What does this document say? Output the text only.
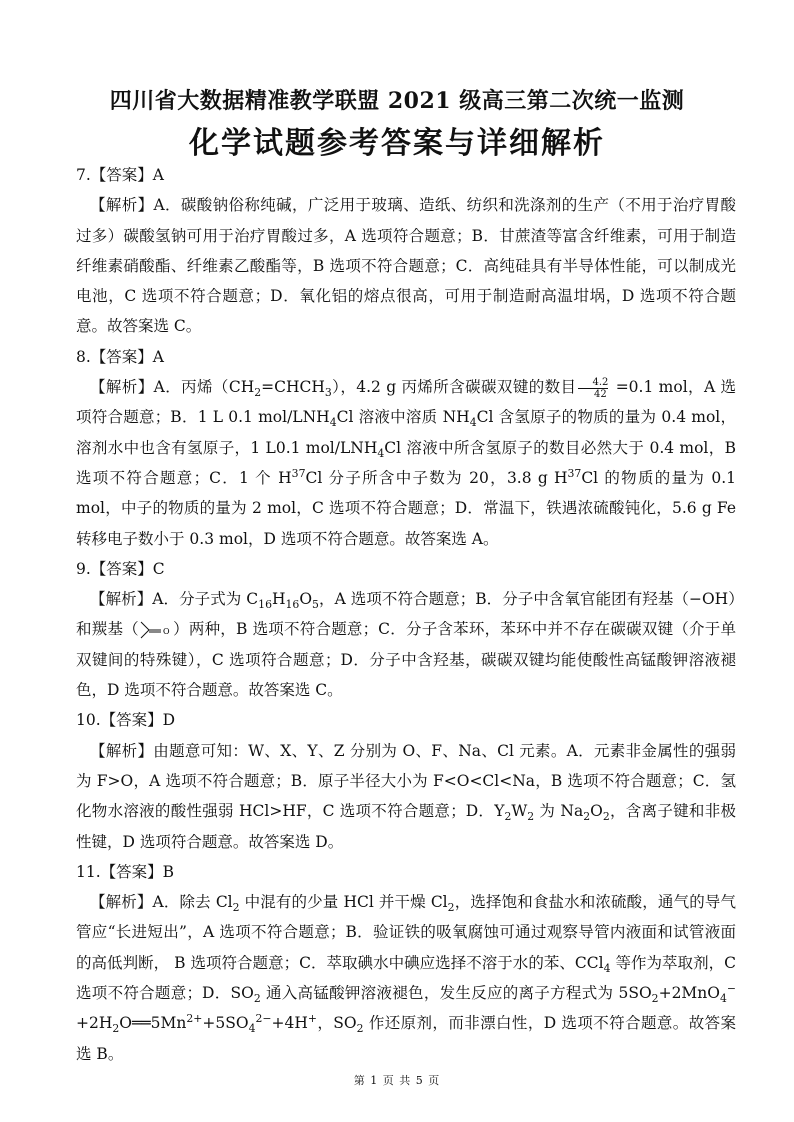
四川省大数据精准教学联盟 2021 级高三第二次统一监测
化学试题参考答案与详细解析

7.【答案】A

【解析】A．碳酸钠俗称纯碱，广泛用于玻璃、造纸、纺织和洗涤剂的生产（不用于治疗胃酸过多）碳酸氢钠可用于治疗胃酸过多，A 选项符合题意；B．甘蔗渣等富含纤维素，可用于制造纤维素硝酸酯、纤维素乙酸酯等，B 选项不符合题意；C．高纯硅具有半导体性能，可以制成光电池，C 选项不符合题意；D．氧化铝的熔点很高，可用于制造耐高温坩埚，D 选项不符合题意。故答案选 C。

8.【答案】A

【解析】A．丙烯$(CH_2=CHCH_3)$，4.2 g 丙烯所含碳碳双键的数目 $\frac{4.2}{42} =0.1$ mol，A 选项符合题意；B．1 L 0.1 mol/$LNH_4Cl$ 溶液中溶质 $NH_4Cl$ 含氢原子的物质的量为 0.4 mol，溶剂水中也含有氢原子，1 L0.1 mol/$LNH_4Cl$ 溶液中所含氢原子的数目必然大于 0.4 mol，B 选项不符合题意；C．1 个 $H^{37}Cl$ 分子所含中子数为 20，3.8 g $H^{37}Cl$ 的物质的量为 0.1 mol，中子的物质的量为 2 mol，C 选项不符合题意；D．常温下，铁遇浓硫酸钝化，5.6 g Fe 转移电子数小于 0.3 mol，D 选项不符合题意。故答案选 A。

9.【答案】C

【解析】A．分子式为 $C_{16}H_{16}O_5$，A 选项不符合题意；B．分子中含氧官能团有羟基（−OH）和羰基（	O ）两种，B 选项不符合题意；C．分子含苯环，苯环中并不存在碳碳双键（介于单双键间的特殊键），C 选项符合题意；D．分子中含羟基，碳碳双键均能使酸性高锰酸钾溶液褪色，D 选项不符合题意。故答案选 C。

10.【答案】D

【解析】由题意可知：W、X、Y、Z 分别为 O、F、Na、Cl 元素。A．元素非金属性的强弱为 F>O，A 选项不符合题意；B．原子半径大小为 F<O<Cl<Na，B 选项不符合题意；C．氢化物水溶液的酸性强弱 HCl>HF，C 选项不符合题意；D．$Y_2W_2$ 为 $Na_2O_2$，含离子键和非极性键，D 选项符合题意。故答案选 D。

11.【答案】B

【解析】A．除去 $Cl_2$ 中混有的少量 HCl 并干燥 $Cl_2$，选择饱和食盐水和浓硫酸，通气的导气管应“长进短出”，A 选项不符合题意；B．验证铁的吸氧腐蚀可通过观察导管内液面和试管液面的高低判断， B 选项符合题意；C．萃取碘水中碘应选择不溶于水的苯、CCl$_4$ 等作为萃取剂，C 选项不符合题意；D．$SO_2$ 通入高锰酸钾溶液褪色，发生反应的离子方程式为 $5SO_2+2MnO_4^-+2H_2O══5Mn^{2+}+5SO_4^{2-}+4H^+$，$SO_2$ 作还原剂，而非漂白性，D 选项不符合题意。故答案选 B。

第 1 页 共 5 页
